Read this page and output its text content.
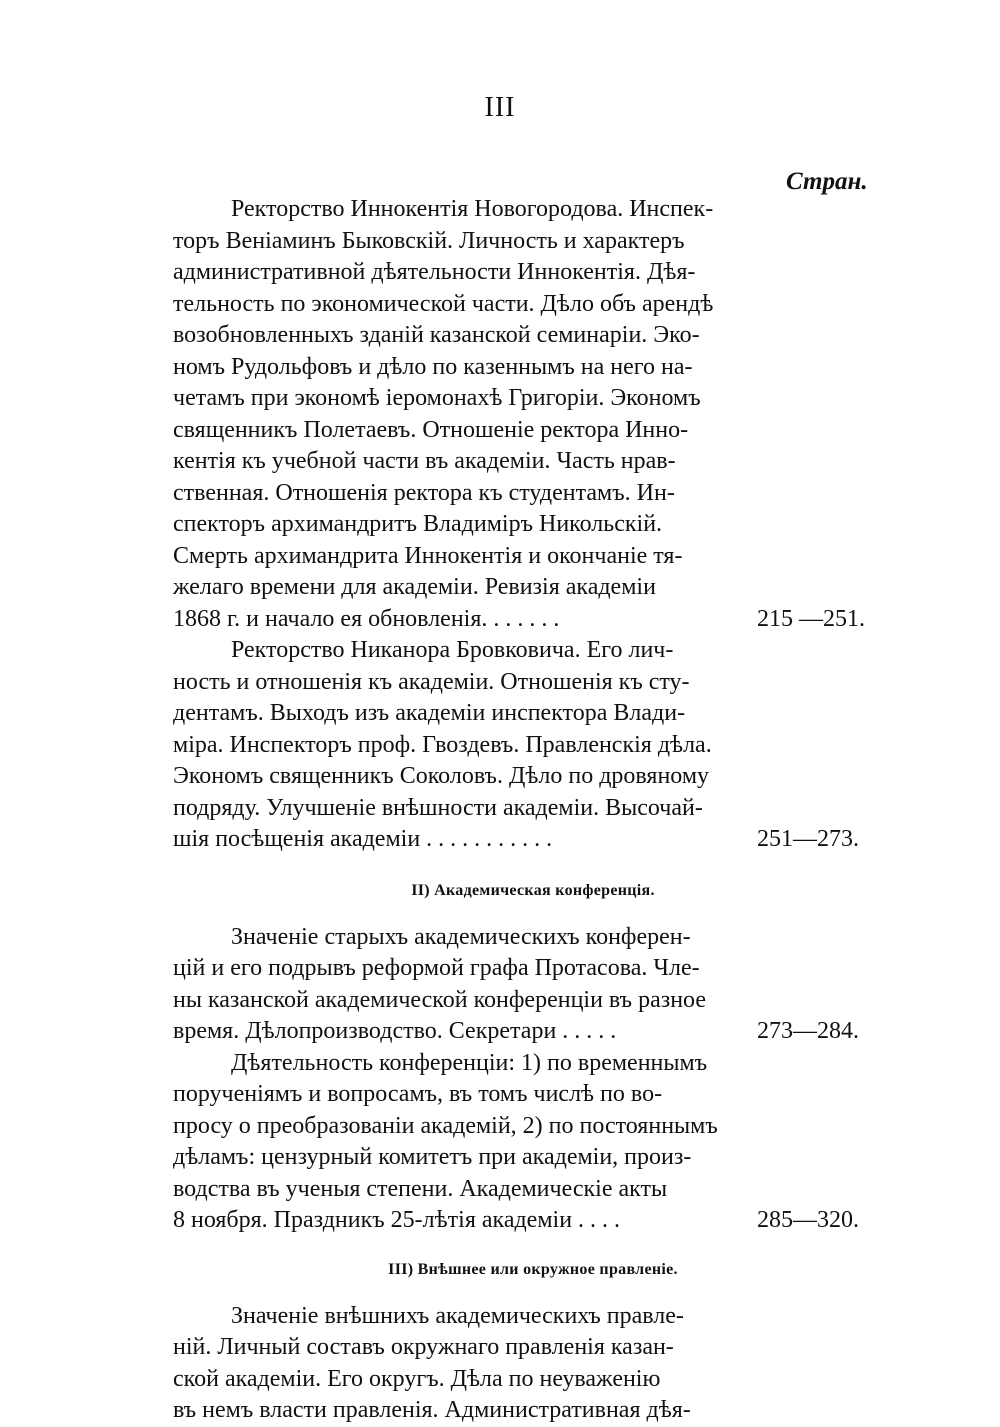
III
Стран.
Ректорство Иннокентія Новогородова. Инспек-
торъ Веніаминъ Быковскій. Личность и характеръ
административной дѣятельности Иннокентія. Дѣя-
тельность по экономической части. Дѣло объ арендѣ
возобновленныхъ зданій казанской семинаріи. Эко-
номъ Рудольфовъ и дѣло по казеннымъ на него на-
четамъ при экономѣ іеромонахѣ Григоріи. Экономъ
священникъ Полетаевъ. Отношеніе ректора Инно-
кентія къ учебной части въ академіи. Часть нрав-
ственная. Отношенія ректора къ студентамъ. Ин-
спекторъ архимандритъ Владиміръ Никольскій.
Смерть архимандрита Иннокентія и окончаніе тя-
желаго времени для академіи. Ревизія академіи
1868 г. и начало ея обновленія. . . . . . .	215 —251.
Ректорство Никанора Бровковича. Его лич-
ность и отношенія къ академіи. Отношенія къ сту-
дентамъ. Выходъ изъ академіи инспектора Влади-
міра. Инспекторъ проф. Гвоздевъ. Правленскія дѣла.
Экономъ священникъ Соколовъ. Дѣло по дровяному
подряду. Улучшеніе внѣшности академіи. Высочай-
шія посѣщенія академіи . . . . . . . . . . .	251—273.
II) Академическая конференція.
Значеніе старыхъ академическихъ конферен-
цій и его подрывъ реформой графа Протасова. Чле-
ны казанской академической конференціи въ разное
время. Дѣлопроизводство. Секретари . . . . .	273—284.
Дѣятельность конференціи: 1) по временнымъ
порученіямъ и вопросамъ, въ томъ числѣ по во-
просу о преобразованіи академій, 2) по постояннымъ
дѣламъ: цензурный комитетъ при академіи, произ-
водства въ ученыя степени. Академическіе акты
8 ноября. Праздникъ 25-лѣтія академіи . . . .	285—320.
III) Внѣшнее или окружное правленіе.
Значеніе внѣшнихъ академическихъ правле-
ній. Личный составъ окружнаго правленія казан-
ской академіи. Его округъ. Дѣла по неуваженію
въ немъ власти правленія. Административная дѣя-
